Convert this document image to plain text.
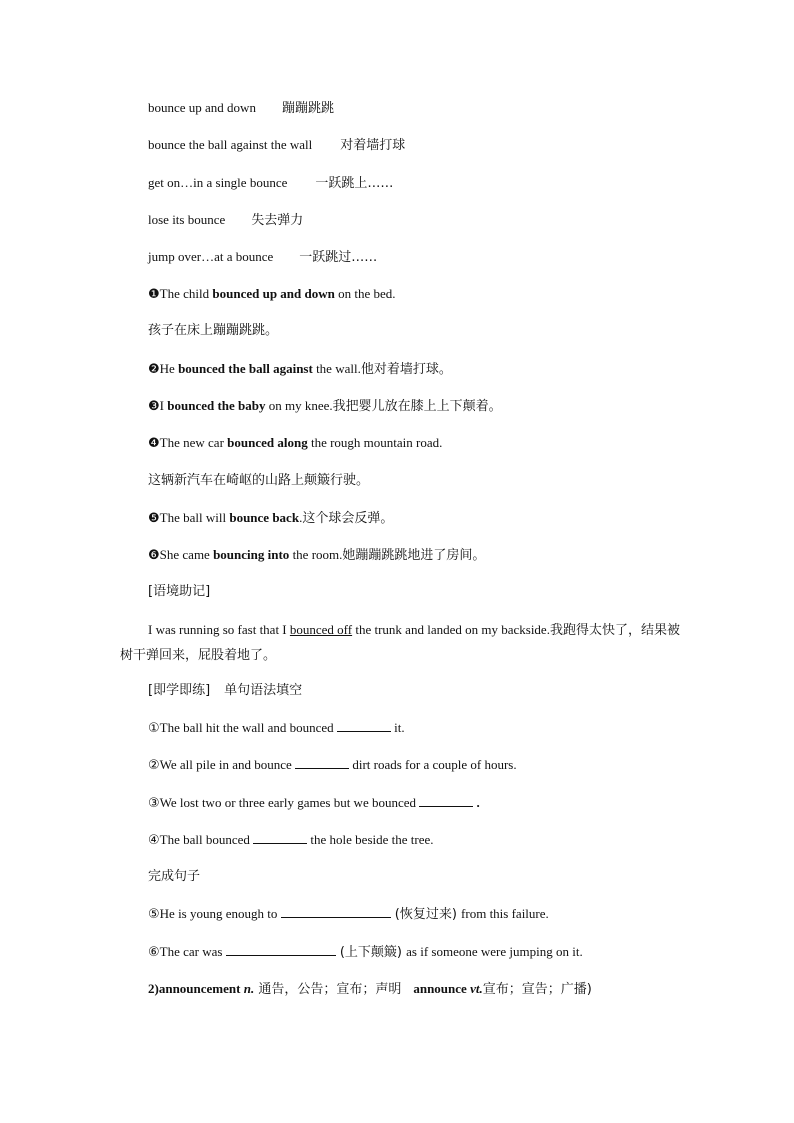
bounce up and down 蹦蹦跳跳
bounce the ball against the wall 对着墙打球
get on…in a single bounce 一跃跳上……
lose its bounce 失去弹力
jump over…at a bounce 一跃跳过……
❶The child bounced up and down on the bed.
孩子在床上蹦蹦跳跳。
❷He bounced the ball against the wall.他对着墙打球。
❸I bounced the baby on my knee.我把婴儿放在膝上上下颠着。
❹The new car bounced along the rough mountain road.
这辆新汽车在崎岖的山路上颠簸行驶。
❺The ball will bounce back.这个球会反弹。
❻She came bouncing into the room.她蹦蹦跳跳地进了房间。
[语境助记]
I was running so fast that I bounced off the trunk and landed on my backside.我跑得太快了，结果被树干弹回来，屁股着地了。
[即学即练] 单句语法填空
①The ball hit the wall and bounced	it.
②We all pile in and bounce	dirt roads for a couple of hours.
③We lost two or three early games but we bounced	.
④The ball bounced	the hole beside the tree.
完成句子
⑤He is young enough to	(恢复过来) from this failure.
⑥The car was	(上下颠簸) as if someone were jumping on it.
2)announcement n. 通告，公告；宣布；声明 announce vt.宣布；宣告；广播)
